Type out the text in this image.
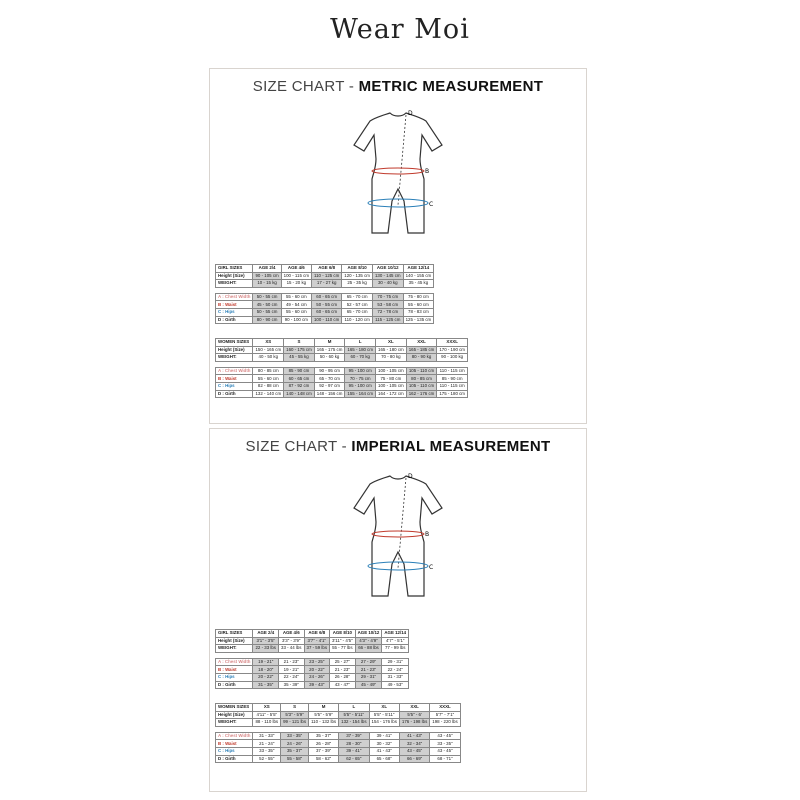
Wear Moi
SIZE CHART - METRIC MEASUREMENT
D
B
C
GIRL SIZES	AGE 2/4	AGE 4/6	AGE 6/8	AGE 8/10	AGE 10/12	AGE 12/14
Height (Size)	90 - 105 cm	100 - 115 cm	110 - 125 cm	120 - 135 cm	130 - 145 cm	140 - 155 cm
WEIGHT:	10 - 15 kg	15 - 20 kg	17 - 27 kg	25 - 35 kg	30 - 40 kg	35 - 45 kg

A : Chest Width	50 - 55 cm	55 - 60 cm	60 - 65 cm	65 - 70 cm	70 - 75 cm	75 - 80 cm
B : Waist	45 - 50 cm	49 - 54 cm	50 - 55 cm	52 - 57 cm	53 - 58 cm	55 - 60 cm
C : Hips	50 - 55 cm	55 - 60 cm	60 - 65 cm	65 - 70 cm	72 - 78 cm	78 - 83 cm
D : Girth	80 - 90 cm	90 - 100 cm	100 - 110 cm	110 - 120 cm	115 - 125 cm	125 - 135 cm
WOMEN SIZES	XS	S	M	L	XL	XXL	XXXL
Height (Size)	150 - 165 cm	160 - 175 cm	165 - 175 cm	165 - 180 cm	165 - 180 cm	165 - 185 cm	170 - 190 cm
WEIGHT:	40 - 50 kg	45 - 55 kg	50 - 60 kg	60 - 70 kg	70 - 80 kg	80 - 90 kg	90 - 100 kg

A : Chest Width	80 - 85 cm	85 - 90 cm	90 - 95 cm	95 - 100 cm	100 - 105 cm	105 - 110 cm	110 - 115 cm
B : Waist	55 - 60 cm	60 - 65 cm	65 - 70 cm	70 - 75 cm	75 - 80 cm	80 - 85 cm	85 - 90 cm
C : Hips	82 - 88 cm	87 - 92 cm	92 - 97 cm	95 - 100 cm	100 - 105 cm	105 - 110 cm	110 - 115 cm
D : Girth	132 - 140 cm	140 - 148 cm	148 - 156 cm	155 - 164 cm	164 - 172 cm	162 - 176 cm	175 - 180 cm
SIZE CHART - IMPERIAL MEASUREMENT
D
B
C
GIRL SIZES	AGE 2/4	AGE 4/6	AGE 6/8	AGE 8/10	AGE 10/12	AGE 12/14
Height (Size)	3'1" - 3'5"	3'3" - 3'9"	3'7" - 4'1"	3'11" - 4'5"	4'3" - 4'9"	4'7" - 5'1"
WEIGHT:	22 - 33 lbs	33 - 44 lbs	37 - 59 lbs	55 - 77 lbs	66 - 88 lbs	77 - 99 lbs

A : Chest Width	19 - 21"	21 - 23"	23 - 25"	25 - 27"	27 - 29"	29 - 31"
B : Waist	18 - 20"	19 - 21"	20 - 22"	21 - 23"	21 - 23"	22 - 24"
C : Hips	20 - 22"	22 - 24"	24 - 26"	26 - 28"	29 - 31"	31 - 33"
D : Girth	31 - 35"	35 - 39"	39 - 43"	43 - 47"	45 - 49"	49 - 53"
WOMEN SIZES	XS	S	M	L	XL	XXL	XXXL
Height (Size)	4'11" - 5'5"	5'3" - 5'9"	5'5" - 5'9"	5'5" - 5'11"	5'5" - 5'11"	5'5" - 6'	5'7" - 7'1"
WEIGHT:	88 - 110 lbs	99 - 121 lbs	110 - 132 lbs	132 - 154 lbs	154 - 176 lbs	176 - 198 lbs	198 - 220 lbs

A : Chest Width	31 - 33"	33 - 35"	35 - 37"	37 - 39"	39 - 41"	41 - 43"	43 - 45"
B : Waist	21 - 24"	24 - 26"	26 - 28"	28 - 30"	30 - 32"	32 - 34"	33 - 35"
C : Hips	33 - 35"	35 - 37"	37 - 39"	39 - 41"	41 - 43"	43 - 45"	43 - 45"
D : Girth	52 - 55"	55 - 58"	58 - 62"	62 - 65"	65 - 68"	66 - 69"	68 - 71"
